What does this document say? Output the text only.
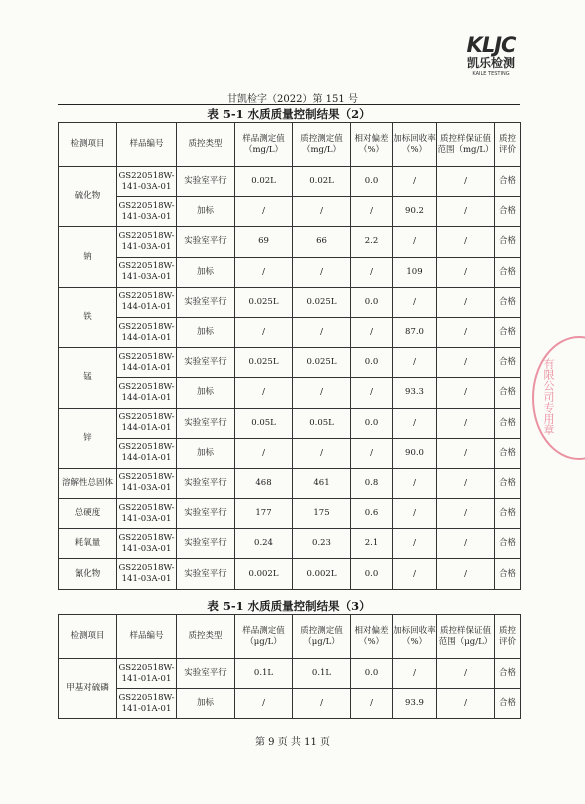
KLJC
凯乐检测
KAILE TESTING
甘凯检字（2022）第 151 号
表 5-1 水质质量控制结果（2）
检测项目	样品编号	质控类型	样品测定值（mg/L）	质控测定值（mg/L）	相对偏差（%）	加标回收率（%）	质控样保证值范围（mg/L）	质控评价
硫化物	GS220518W-141-03A-01	实验室平行	0.02L	0.02L	0.0	/	/	合格
	GS220518W-141-03A-01	加标	/	/	/	90.2	/	合格
钠	GS220518W-141-03A-01	实验室平行	69	66	2.2	/	/	合格
	GS220518W-141-03A-01	加标	/	/	/	109	/	合格
铁	GS220518W-144-01A-01	实验室平行	0.025L	0.025L	0.0	/	/	合格
	GS220518W-144-01A-01	加标	/	/	/	87.0	/	合格
锰	GS220518W-144-01A-01	实验室平行	0.025L	0.025L	0.0	/	/	合格
	GS220518W-144-01A-01	加标	/	/	/	93.3	/	合格
锌	GS220518W-144-01A-01	实验室平行	0.05L	0.05L	0.0	/	/	合格
	GS220518W-144-01A-01	加标	/	/	/	90.0	/	合格
溶解性总固体	GS220518W-141-03A-01	实验室平行	468	461	0.8	/	/	合格
总硬度	GS220518W-141-03A-01	实验室平行	177	175	0.6	/	/	合格
耗氧量	GS220518W-141-03A-01	实验室平行	0.24	0.23	2.1	/	/	合格
氰化物	GS220518W-141-03A-01	实验室平行	0.002L	0.002L	0.0	/	/	合格
表 5-1 水质质量控制结果（3）
检测项目	样品编号	质控类型	样品测定值（μg/L）	质控测定值（μg/L）	相对偏差（%）	加标回收率（%）	质控样保证值范围（μg/L）	质控评价
甲基对硫磷	GS220518W-141-01A-01	实验室平行	0.1L	0.1L	0.0	/	/	合格
	GS220518W-141-01A-01	加标	/	/	/	93.9	/	合格
第 9 页 共 11 页
有限公司专用章
